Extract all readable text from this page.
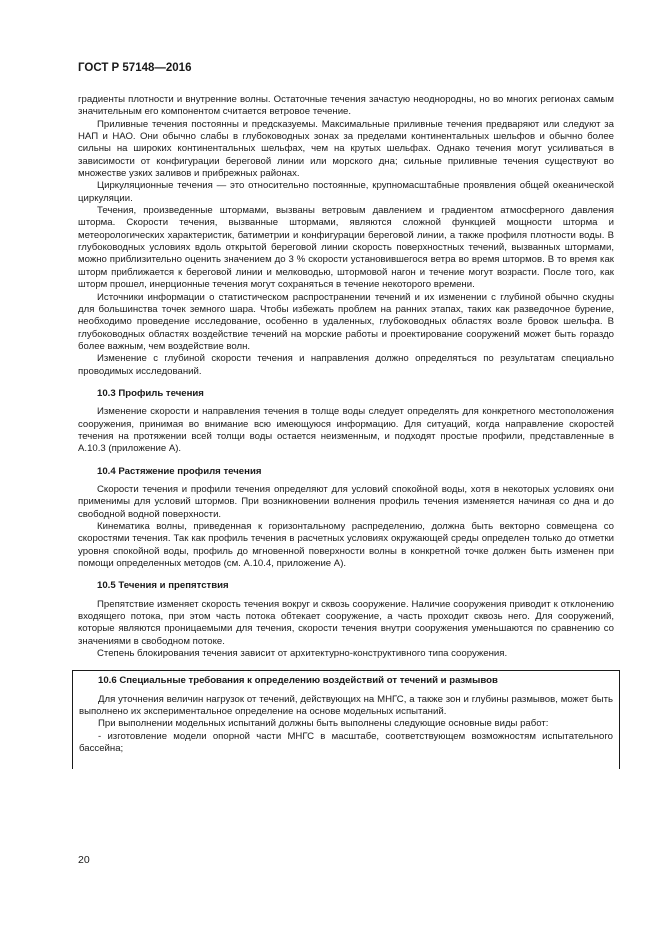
ГОСТ Р 57148—2016

градиенты плотности и внутренние волны. Остаточные течения зачастую неоднородны, но во многих регионах самым значительным его компонентом считается ветровое течение.

Приливные течения постоянны и предсказуемы. Максимальные приливные течения предваряют или следуют за НАП и НАО. Они обычно слабы в глубоководных зонах за пределами континентальных шельфов и обычно более сильны на широких континентальных шельфах, чем на крутых шельфах. Однако течения могут усиливаться в зависимости от конфигурации береговой линии или морского дна; сильные приливные течения существуют во множестве узких заливов и прибрежных районах.

Циркуляционные течения — это относительно постоянные, крупномасштабные проявления общей океанической циркуляции.

Течения, произведенные штормами, вызваны ветровым давлением и градиентом атмосферного давления шторма. Скорости течения, вызванные штормами, являются сложной функцией мощности шторма и метеорологических характеристик, батиметрии и конфигурации береговой линии, а также профиля плотности воды. В глубоководных условиях вдоль открытой береговой линии скорость поверхностных течений, вызванных штормами, можно приблизительно оценить значением до 3 % скорости установившегося ветра во время штормов. В то время как шторм приближается к береговой линии и мелководью, штормовой нагон и течение могут возрасти. После того, как шторм прошел, инерционные течения могут сохраняться в течение некоторого времени.

Источники информации о статистическом распространении течений и их изменении с глубиной обычно скудны для большинства точек земного шара. Чтобы избежать проблем на ранних этапах, таких как разведочное бурение, необходимо проведение исследование, особенно в удаленных, глубоководных областях возле бровок шельфа. В глубоководных областях воздействие течений на морские работы и проектирование сооружений может быть гораздо более важным, чем воздействие волн.

Изменение с глубиной скорости течения и направления должно определяться по результатам специально проводимых исследований.

10.3 Профиль течения

Изменение скорости и направления течения в толще воды следует определять для конкретного местоположения сооружения, принимая во внимание всю имеющуюся информацию. Для ситуаций, когда направление скоростей течения на протяжении всей толщи воды остается неизменным, и подходят простые профили, представленные в А.10.3 (приложение А).

10.4 Растяжение профиля течения

Скорости течения и профили течения определяют для условий спокойной воды, хотя в некоторых условиях они применимы для условий штормов. При возникновении волнения профиль течения изменяется начиная со дна и до свободной водной поверхности.

Кинематика волны, приведенная к горизонтальному распределению, должна быть векторно совмещена со скоростями течения. Так как профиль течения в расчетных условиях окружающей среды определен только до отметки уровня спокойной воды, профиль до мгновенной поверхности волны в конкретной точке должен быть изменен при помощи определенных методов (см. А.10.4, приложение А).

10.5 Течения и препятствия

Препятствие изменяет скорость течения вокруг и сквозь сооружение. Наличие сооружения приводит к отклонению входящего потока, при этом часть потока обтекает сооружение, а часть проходит сквозь него. Для сооружений, которые являются проницаемыми для течения, скорости течения внутри сооружения уменьшаются по сравнению со значениями в свободном потоке.

Степень блокирования течения зависит от архитектурно-конструктивного типа сооружения.

10.6 Специальные требования к определению воздействий от течений и размывов

Для уточнения величин нагрузок от течений, действующих на МНГС, а также зон и глубины размывов, может быть выполнено их экспериментальное определение на основе модельных испытаний.

При выполнении модельных испытаний должны быть выполнены следующие основные виды работ:

- изготовление модели опорной части МНГС в масштабе, соответствующем возможностям испытательного бассейна;

20
